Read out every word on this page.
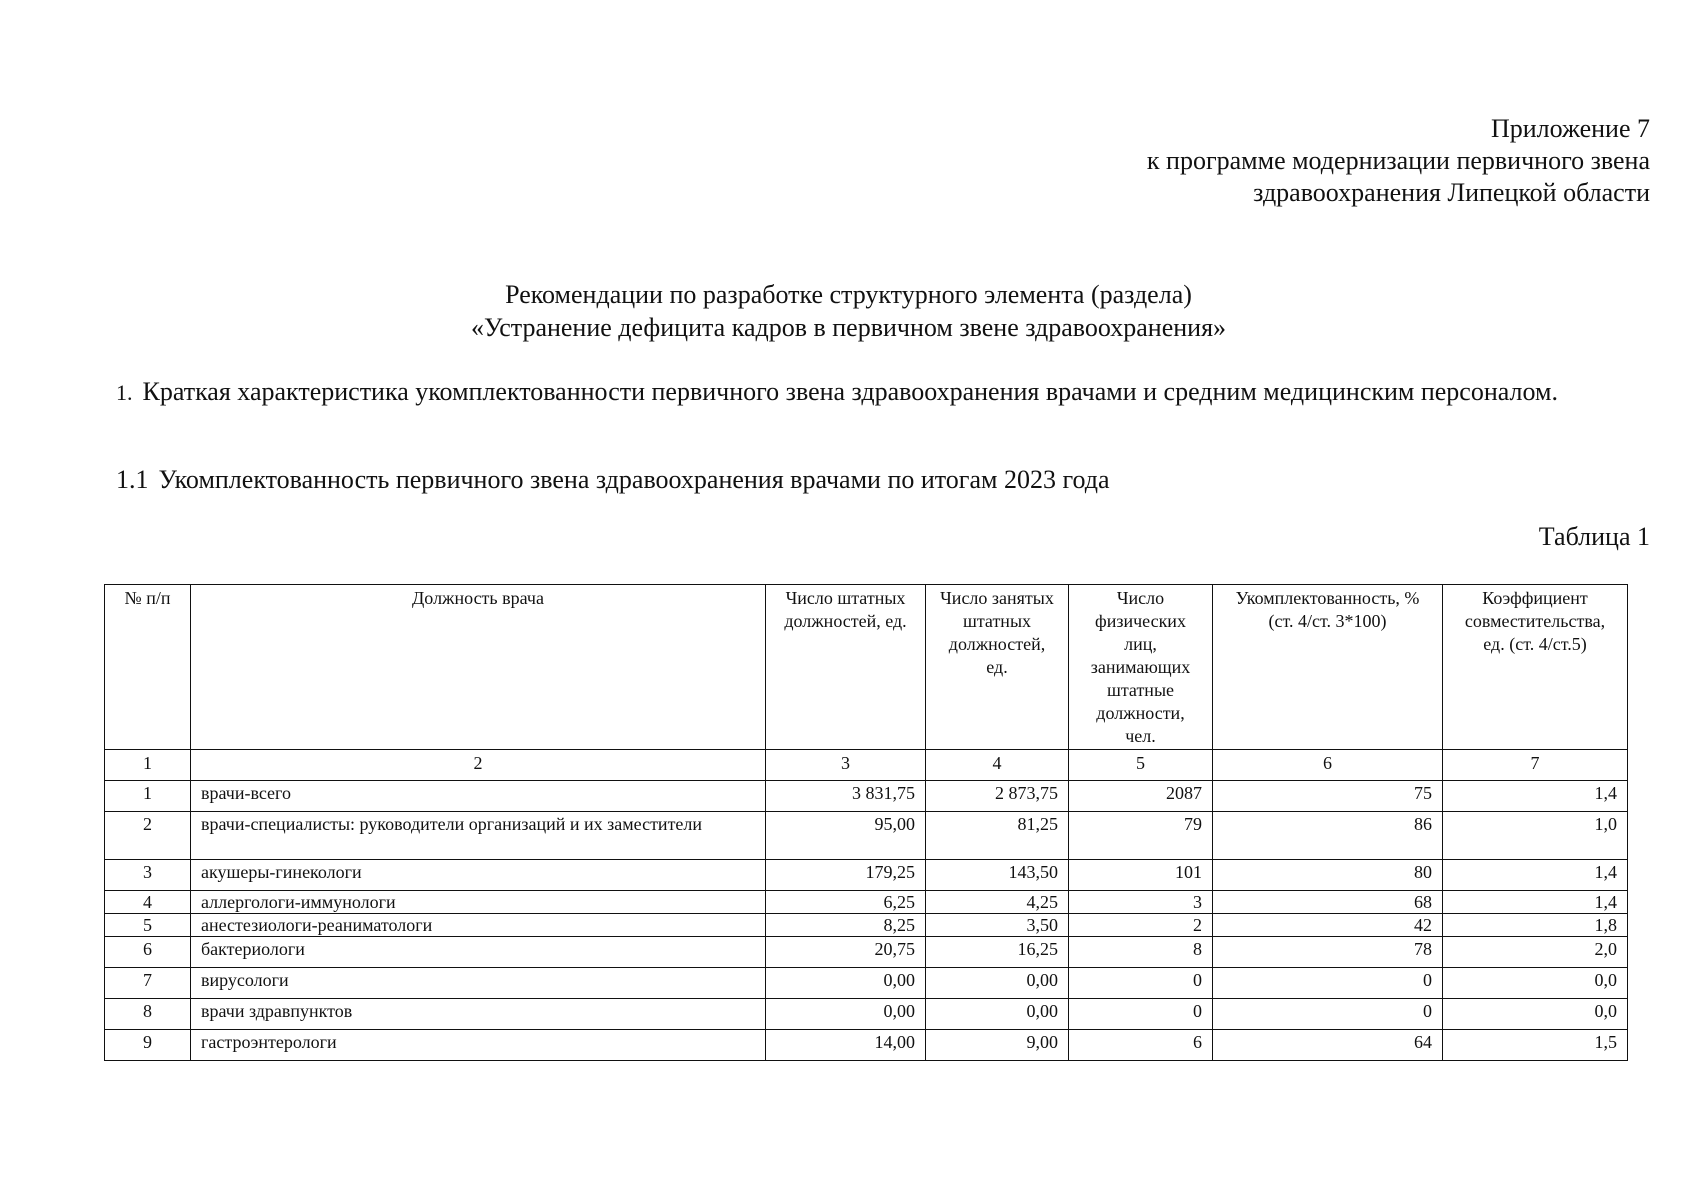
Приложение 7
к программе модернизации первичного звена
здравоохранения Липецкой области
Рекомендации по разработке структурного элемента (раздела)
«Устранение дефицита кадров в первичном звене здравоохранения»
1. Краткая характеристика укомплектованности первичного звена здравоохранения врачами и средним медицинским персоналом.
1.1 Укомплектованность первичного звена здравоохранения врачами по итогам 2023 года
Таблица 1
№ п/п	Должность врача	Число штатных должностей, ед.	Число занятых штатных должностей, ед.	Число физических лиц, занимающих штатные должности, чел.	Укомплектованность, % (ст. 4/ст. 3*100)	Коэффициент совместительства, ед. (ст. 4/ст.5)
1	2	3	4	5	6	7
1	врачи-всего	3 831,75	2 873,75	2087	75	1,4
2	врачи-специалисты: руководители организаций и их заместители	95,00	81,25	79	86	1,0
3	акушеры-гинекологи	179,25	143,50	101	80	1,4
4	аллергологи-иммунологи	6,25	4,25	3	68	1,4
5	анестезиологи-реаниматологи	8,25	3,50	2	42	1,8
6	бактериологи	20,75	16,25	8	78	2,0
7	вирусологи	0,00	0,00	0	0	0,0
8	врачи здравпунктов	0,00	0,00	0	0	0,0
9	гастроэнтерологи	14,00	9,00	6	64	1,5
